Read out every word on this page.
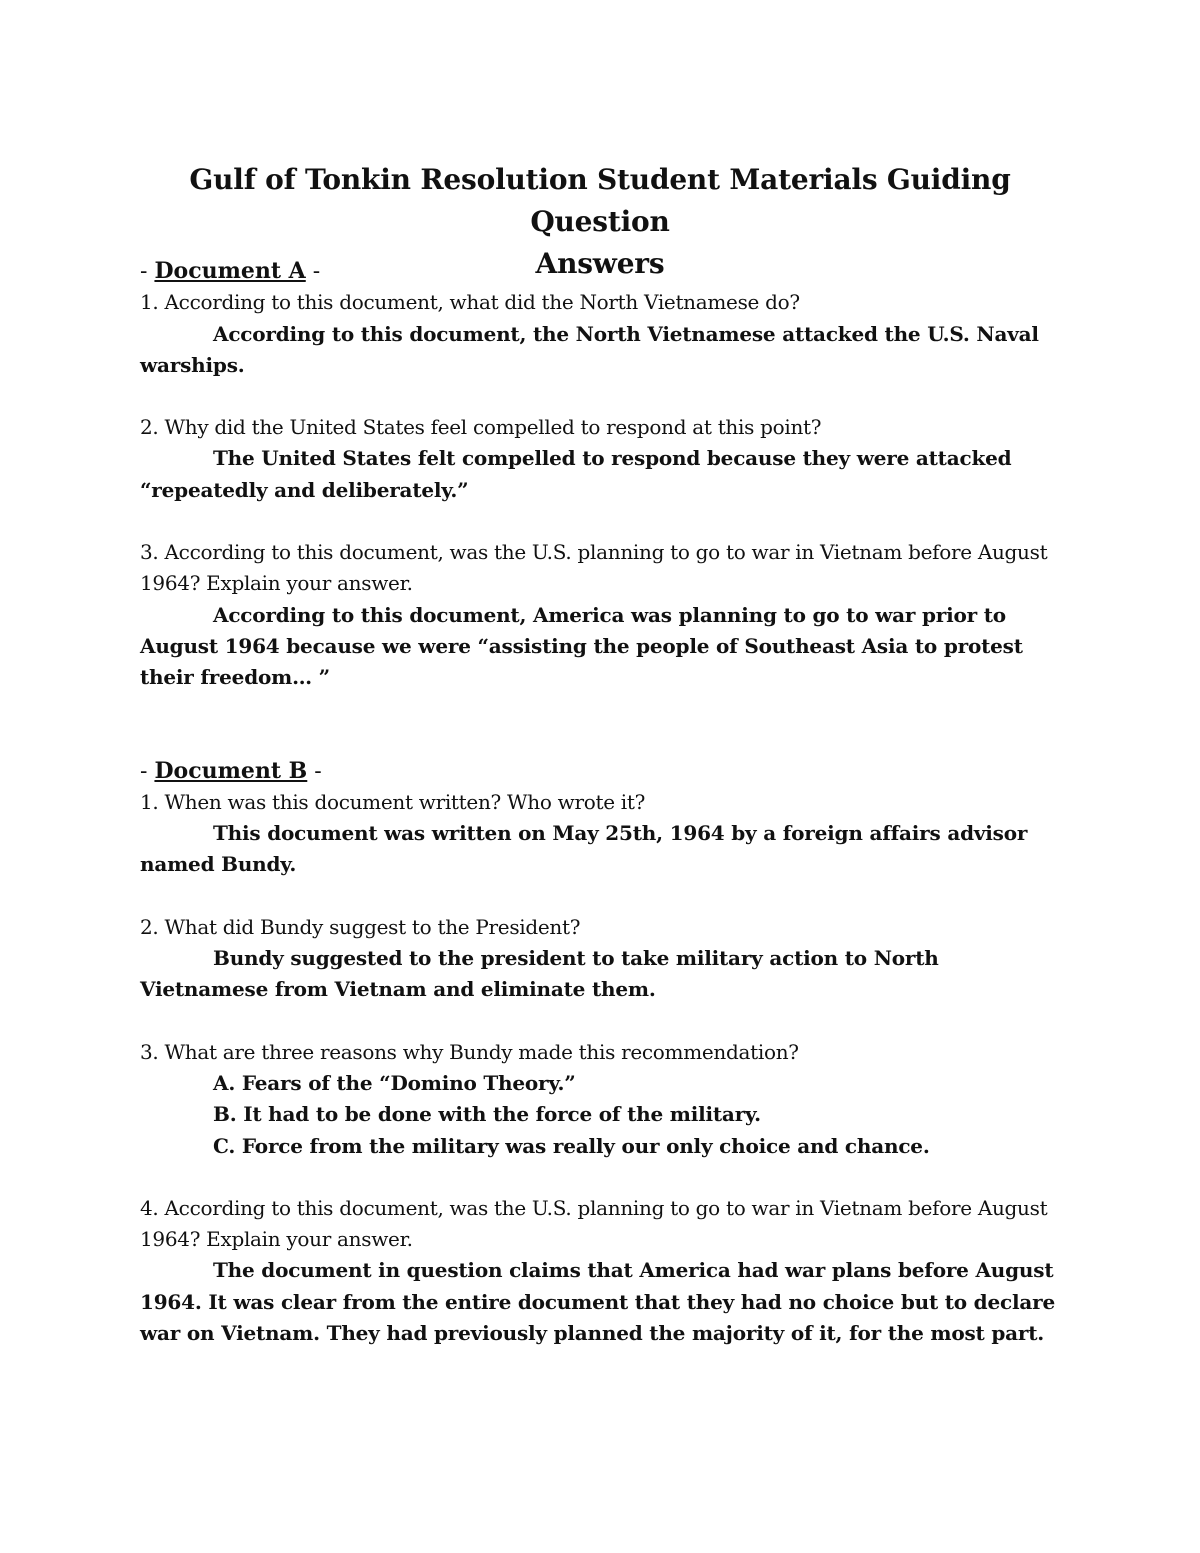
Gulf of Tonkin Resolution Student Materials Guiding Question
Answers

- Document A -

1. According to this document, what did the North Vietnamese do?

According to this document, the North Vietnamese attacked the U.S. Naval warships.

2. Why did the United States feel compelled to respond at this point?

The United States felt compelled to respond because they were attacked “repeatedly and deliberately.”

3. According to this document, was the U.S. planning to go to war in Vietnam before August 1964? Explain your answer.

According to this document, America was planning to go to war prior to August 1964 because we were “assisting the people of Southeast Asia to protest their freedom… ”

- Document B -

1. When was this document written? Who wrote it?

This document was written on May 25th, 1964 by a foreign affairs advisor named Bundy.

2. What did Bundy suggest to the President?

Bundy suggested to the president to take military action to North Vietnamese from Vietnam and eliminate them.

3. What are three reasons why Bundy made this recommendation?

A. Fears of the “Domino Theory.”

B. It had to be done with the force of the military.

C. Force from the military was really our only choice and chance.

4. According to this document, was the U.S. planning to go to war in Vietnam before August 1964? Explain your answer.

The document in question claims that America had war plans before August 1964. It was clear from the entire document that they had no choice but to declare war on Vietnam. They had previously planned the majority of it, for the most part.
